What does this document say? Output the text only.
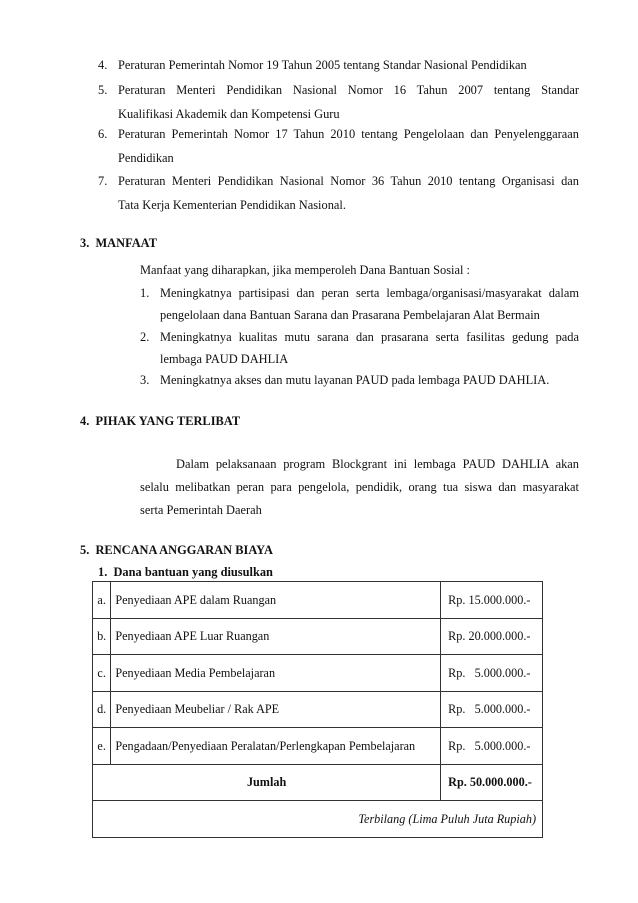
4. Peraturan Pemerintah Nomor 19 Tahun 2005 tentang Standar Nasional Pendidikan
5. Peraturan Menteri Pendidikan Nasional Nomor 16 Tahun 2007 tentang Standar
Kualifikasi Akademik dan Kompetensi Guru
6. Peraturan Pemerintah Nomor 17 Tahun 2010 tentang Pengelolaan dan Penyelenggaraan
Pendidikan
7. Peraturan Menteri Pendidikan Nasional Nomor 36 Tahun 2010 tentang Organisasi dan
Tata Kerja Kementerian Pendidikan Nasional.
3.  MANFAAT
Manfaat yang diharapkan, jika memperoleh Dana Bantuan Sosial :
1. Meningkatnya partisipasi dan peran serta lembaga/organisasi/masyarakat dalam
pengelolaan dana Bantuan Sarana dan Prasarana Pembelajaran Alat Bermain
2. Meningkatnya kualitas mutu sarana dan prasarana serta fasilitas gedung pada
lembaga PAUD DAHLIA
3. Meningkatnya akses dan mutu layanan PAUD pada lembaga PAUD DAHLIA.
4.  PIHAK YANG TERLIBAT
Dalam pelaksanaan program Blockgrant ini lembaga PAUD DAHLIA akan
selalu melibatkan peran para pengelola, pendidik, orang tua siswa dan masyarakat
serta Pemerintah Daerah
5.  RENCANA ANGGARAN BIAYA
1.  Dana bantuan yang diusulkan
a.	Penyediaan APE dalam Ruangan	Rp. 15.000.000.-
b.	Penyediaan APE Luar Ruangan	Rp. 20.000.000.-
c.	Penyediaan Media Pembelajaran	Rp.   5.000.000.-
d.	Penyediaan Meubeliar / Rak APE	Rp.   5.000.000.-
e.	Pengadaan/Penyediaan Peralatan/Perlengkapan Pembelajaran	Rp.   5.000.000.-
Jumlah		Rp. 50.000.000.-
Terbilang (Lima Puluh Juta Rupiah)		
